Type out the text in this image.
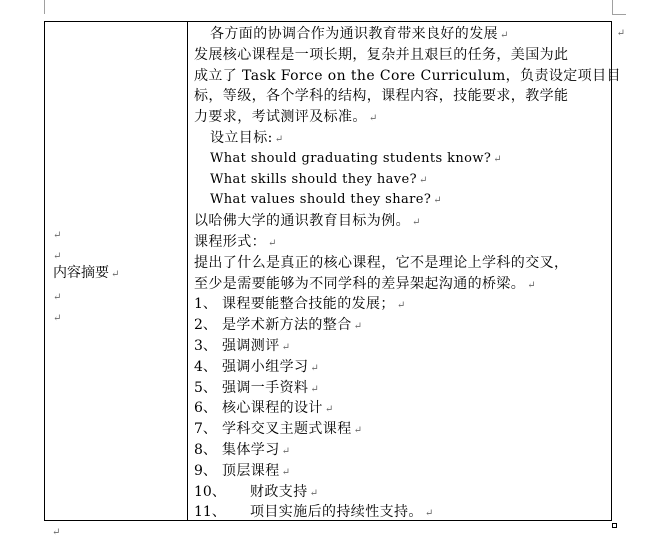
↵
↵
内容摘要 ↵
↵
↵
各方面的协调合作为通识教育带来良好的发展 ↵
发展核心课程是一项长期，复杂并且艰巨的任务，美国为此
成立了 Task Force on the Core Curriculum，负责设定项目目
标，等级，各个学科的结构，课程内容，技能要求，教学能
力要求，考试测评及标准。 ↵
设立目标: ↵
What should graduating students know? ↵
What skills should they have? ↵
What values should they share? ↵
以哈佛大学的通识教育目标为例。 ↵
课程形式： ↵
提出了什么是真正的核心课程，它不是理论上学科的交叉，
至少是需要能够为不同学科的差异架起沟通的桥梁。 ↵
1、 课程要能整合技能的发展； ↵
2、 是学术新方法的整合 ↵
3、 强调测评 ↵
4、 强调小组学习 ↵
5、 强调一手资料 ↵
6、 核心课程的设计 ↵
7、 学科交叉主题式课程 ↵
8、 集体学习 ↵
9、 顶层课程 ↵
10、 财政支持 ↵
11、 项目实施后的持续性支持。 ↵
↵
↵
